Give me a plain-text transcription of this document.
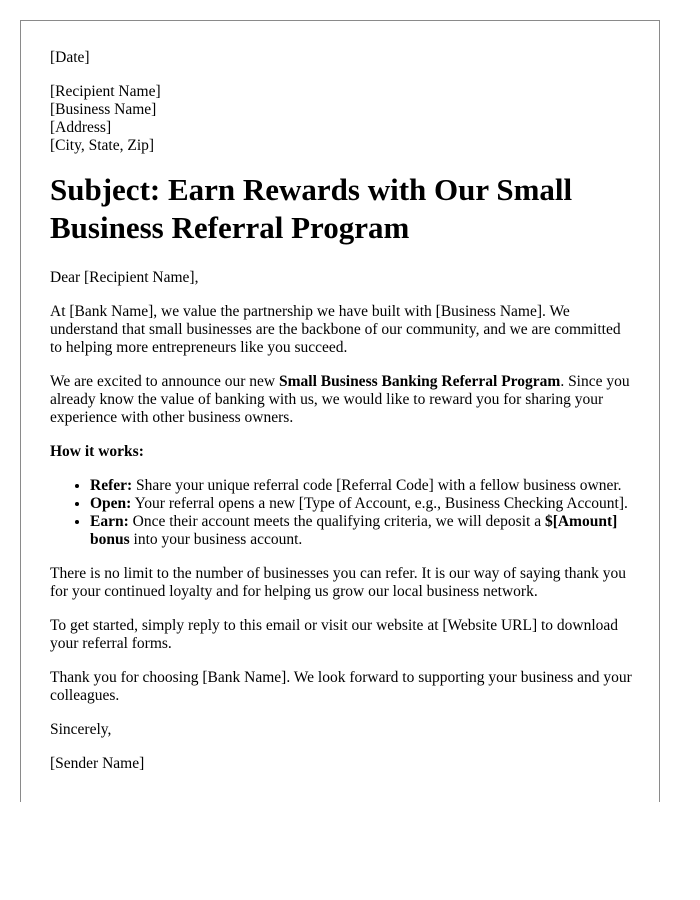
[Date]

[Recipient Name]
[Business Name]
[Address]
[City, State, Zip]
Subject: Earn Rewards with Our Small Business Referral Program

Dear [Recipient Name],

At [Bank Name], we value the partnership we have built with [Business Name]. We understand that small businesses are the backbone of our community, and we are committed to helping more entrepreneurs like you succeed.

We are excited to announce our new Small Business Banking Referral Program. Since you already know the value of banking with us, we would like to reward you for sharing your experience with other business owners.

How it works:

• Refer: Share your unique referral code [Referral Code] with a fellow business owner.
• Open: Your referral opens a new [Type of Account, e.g., Business Checking Account].
• Earn: Once their account meets the qualifying criteria, we will deposit a $[Amount] bonus into your business account.

There is no limit to the number of businesses you can refer. It is our way of saying thank you for your continued loyalty and for helping us grow our local business network.

To get started, simply reply to this email or visit our website at [Website URL] to download your referral forms.

Thank you for choosing [Bank Name]. We look forward to supporting your business and your colleagues.

Sincerely,

[Sender Name]
